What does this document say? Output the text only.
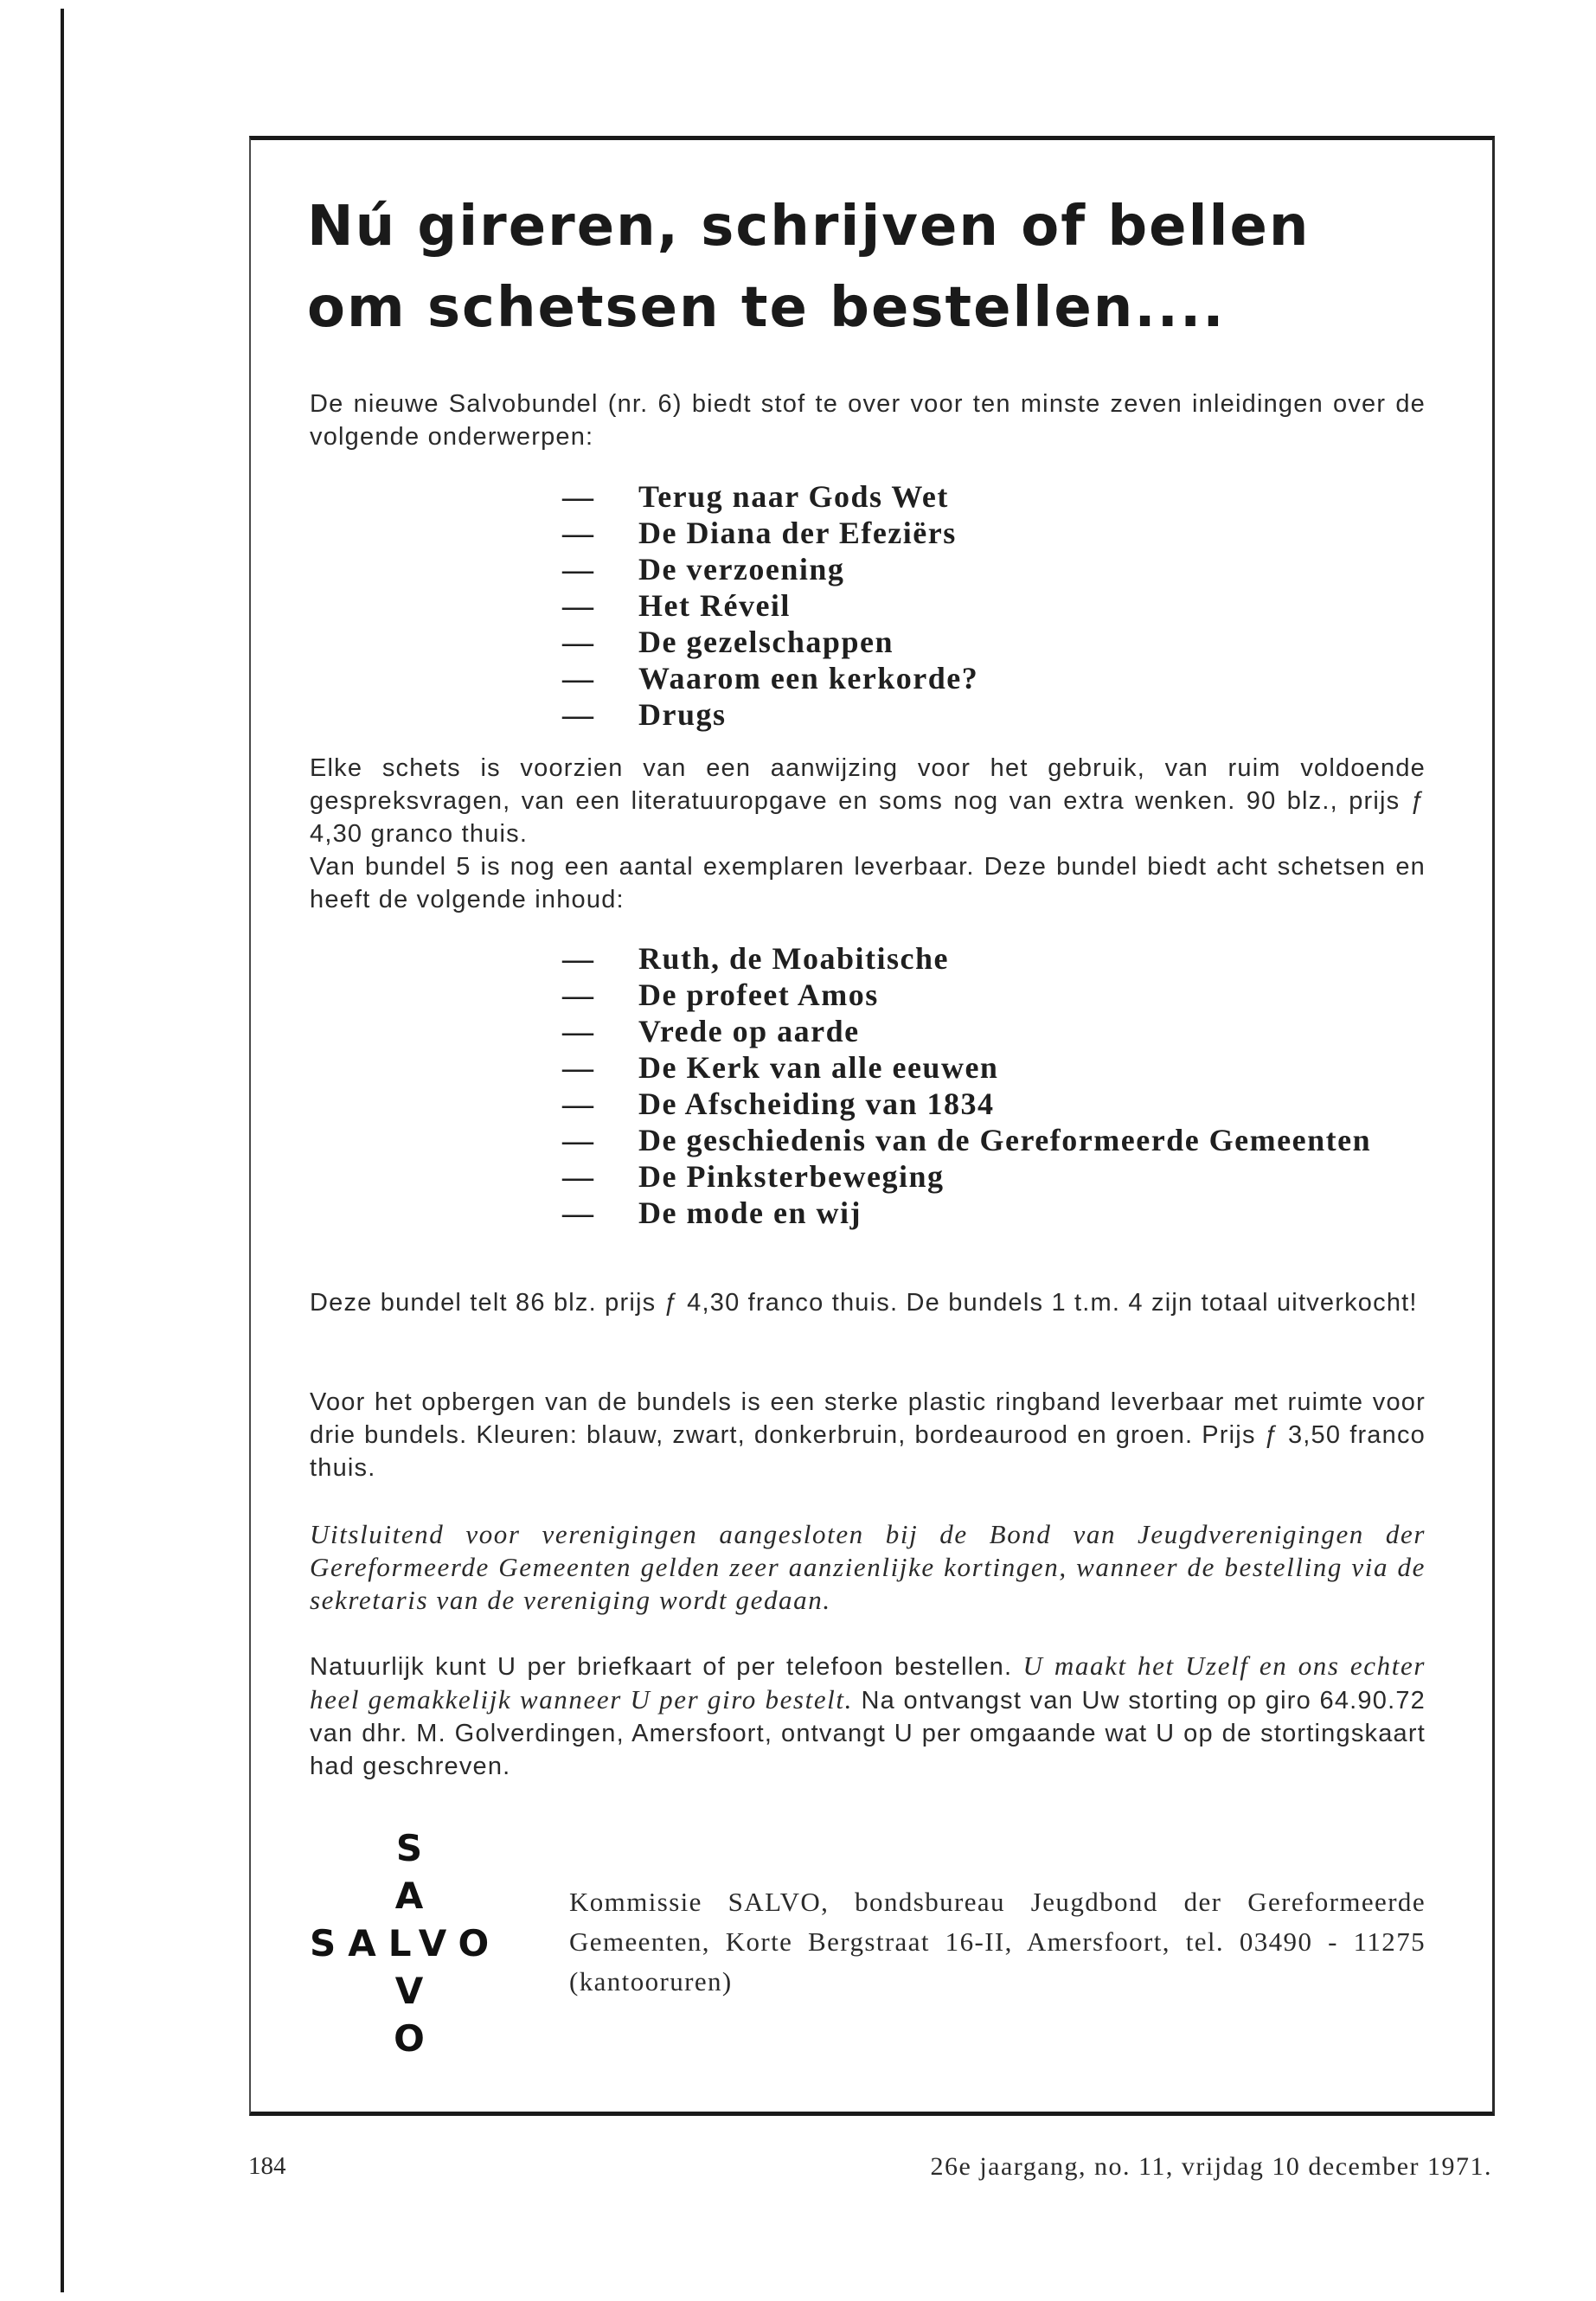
Nú gireren, schrijven of bellen
om schetsen te bestellen....

De nieuwe Salvobundel (nr. 6) biedt stof te over voor ten minste zeven inleidingen over de volgende onderwerpen:

— Terug naar Gods Wet
— De Diana der Efeziërs
— De verzoening
— Het Réveil
— De gezelschappen
— Waarom een kerkorde?
— Drugs

Elke schets is voorzien van een aanwijzing voor het gebruik, van ruim voldoende gespreksvragen, van een literatuuropgave en soms nog van extra wenken. 90 blz., prijs ƒ 4,30 granco thuis.

Van bundel 5 is nog een aantal exemplaren leverbaar. Deze bundel biedt acht schetsen en heeft de volgende inhoud:

— Ruth, de Moabitische
— De profeet Amos
— Vrede op aarde
— De Kerk van alle eeuwen
— De Afscheiding van 1834
— De geschiedenis van de Gereformeerde Gemeenten
— De Pinksterbeweging
— De mode en wij

Deze bundel telt 86 blz. prijs ƒ 4,30 franco thuis. De bundels 1 t.m. 4 zijn totaal uitverkocht!

Voor het opbergen van de bundels is een sterke plastic ringband leverbaar met ruimte voor drie bundels. Kleuren: blauw, zwart, donkerbruin, bordeaurood en groen. Prijs ƒ 3,50 franco thuis.

Uitsluitend voor verenigingen aangesloten bij de Bond van Jeugdverenigingen der Gereformeerde Gemeenten gelden zeer aanzienlijke kortingen, wanneer de bestelling via de sekretaris van de vereniging wordt gedaan.

Natuurlijk kunt U per briefkaart of per telefoon bestellen. U maakt het Uzelf en ons echter heel gemakkelijk wanneer U per giro bestelt. Na ontvangst van Uw storting op giro 64.90.72 van dhr. M. Golverdingen, Amersfoort, ontvangt U per omgaande wat U op de stortingskaart had geschreven.

S
A
SALVO
V
O

Kommissie SALVO, bondsbureau Jeugdbond der Gereformeerde Gemeenten, Korte Bergstraat 16-II, Amersfoort, tel. 03490 - 11275 (kantooruren)

184	26e jaargang, no. 11, vrijdag 10 december 1971.
